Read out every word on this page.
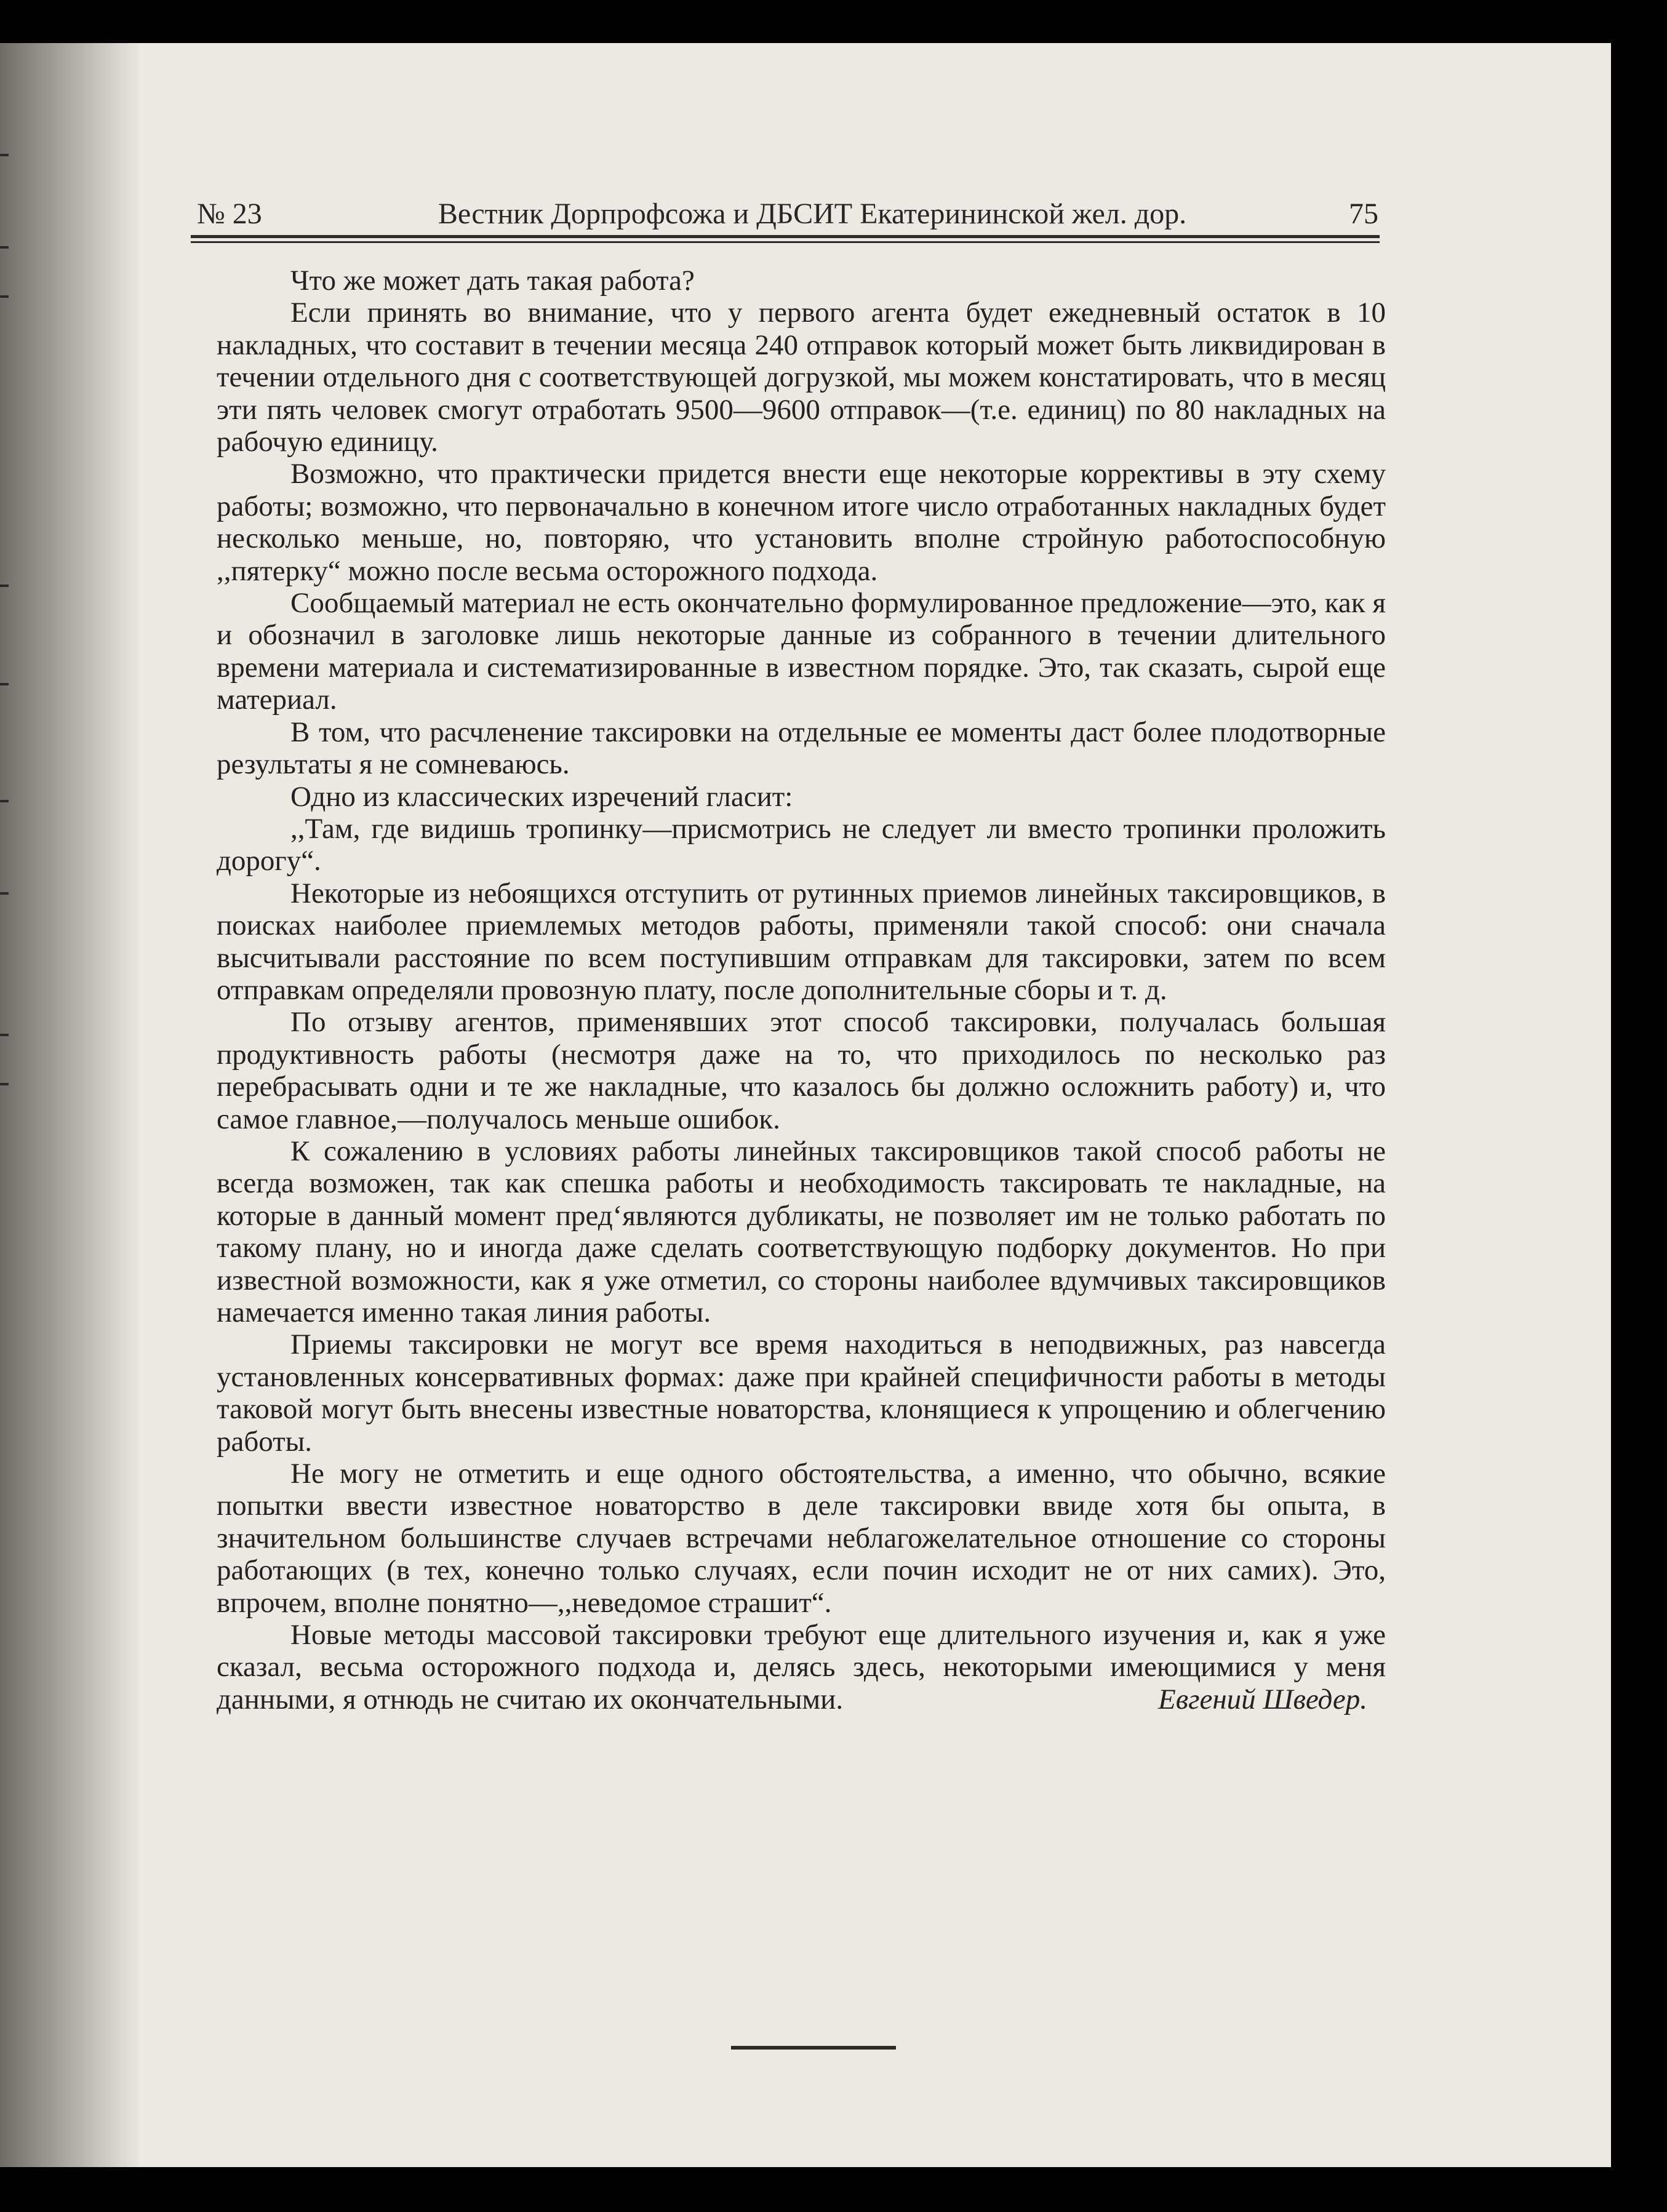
№ 23	Вестник Дорпрофсожа и ДБСИТ Екатерининской жел. дор.	75

Что же может дать такая работа?

Если принять во внимание, что у первого агента будет ежедневный остаток в 10 накладных, что составит в течении месяца 240 отправок который может быть ликвидирован в течении отдельного дня с соответствующей догрузкой, мы можем констатировать, что в месяц эти пять человек смогут отработать 9500—9600 отправок—(т.е. единиц) по 80 накладных на рабочую единицу.

Возможно, что практически придется внести еще некоторые коррективы в эту схему работы; возможно, что первоначально в конечном итоге число отработанных накладных будет несколько меньше, но, повторяю, что установить вполне стройную работоспособную ,,пятерку“ можно после весьма осторожного подхода.

Сообщаемый материал не есть окончательно формулированное предложение—это, как я и обозначил в заголовке лишь некоторые данные из собранного в течении длительного времени материала и систематизированные в известном порядке. Это, так сказать, сырой еще материал.

В том, что расчленение таксировки на отдельные ее моменты даст более плодотворные результаты я не сомневаюсь.

Одно из классических изречений гласит:

,,Там, где видишь тропинку—присмотрись не следует ли вместо тропинки проложить дорогу“.

Некоторые из небоящихся отступить от рутинных приемов линейных таксировщиков, в поисках наиболее приемлемых методов работы, применяли такой способ: они сначала высчитывали расстояние по всем поступившим отправкам для таксировки, затем по всем отправкам определяли провозную плату, после дополнительные сборы и т. д.

По отзыву агентов, применявших этот способ таксировки, получалась большая продуктивность работы (несмотря даже на то, что приходилось по несколько раз перебрасывать одни и те же накладные, что казалось бы должно осложнить работу) и, что самое главное,—получалось меньше ошибок.

К сожалению в условиях работы линейных таксировщиков такой способ работы не всегда возможен, так как спешка работы и необходимость таксировать те накладные, на которые в данный момент пред‘являются дубликаты, не позволяет им не только работать по такому плану, но и иногда даже сделать соответствующую подборку документов. Но при известной возможности, как я уже отметил, со стороны наиболее вдумчивых таксировщиков намечается именно такая линия работы.

Приемы таксировки не могут все время находиться в неподвижных, раз навсегда установленных консервативных формах: даже при крайней специфичности работы в методы таковой могут быть внесены известные новаторства, клонящиеся к упрощению и облегчению работы.

Не могу не отметить и еще одного обстоятельства, а именно, что обычно, всякие попытки ввести известное новаторство в деле таксировки ввиде хотя бы опыта, в значительном большинстве случаев встречами неблагожелательное отношение со стороны работающих (в тех, конечно только случаях, если почин исходит не от них самих). Это, впрочем, вполне понятно—,,неведомое страшит“.

Новые методы массовой таксировки требуют еще длительного изучения и, как я уже сказал, весьма осторожного подхода и, делясь здесь, некоторыми имеющимися у меня данными, я отнюдь не считаю их окончательными.	Евгений Шведер.
